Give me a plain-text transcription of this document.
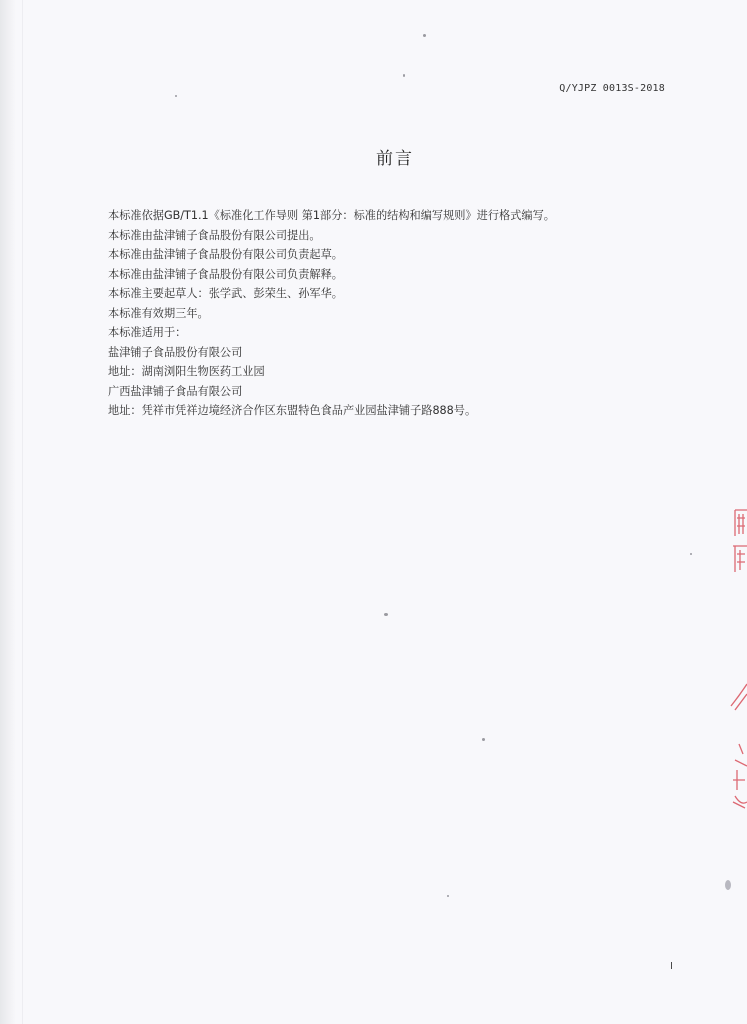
Q/YJPZ 0013S-2018
前言
本标准依据GB/T1.1《标准化工作导则 第1部分：标准的结构和编写规则》进行格式编写。
本标准由盐津铺子食品股份有限公司提出。
本标准由盐津铺子食品股份有限公司负责起草。
本标准由盐津铺子食品股份有限公司负责解释。
本标准主要起草人：张学武、彭荣生、孙军华。
本标准有效期三年。
本标准适用于：
盐津铺子食品股份有限公司
地址：湖南浏阳生物医药工业园
广西盐津铺子食品有限公司
地址：凭祥市凭祥边境经济合作区东盟特色食品产业园盐津铺子路888号。
I
